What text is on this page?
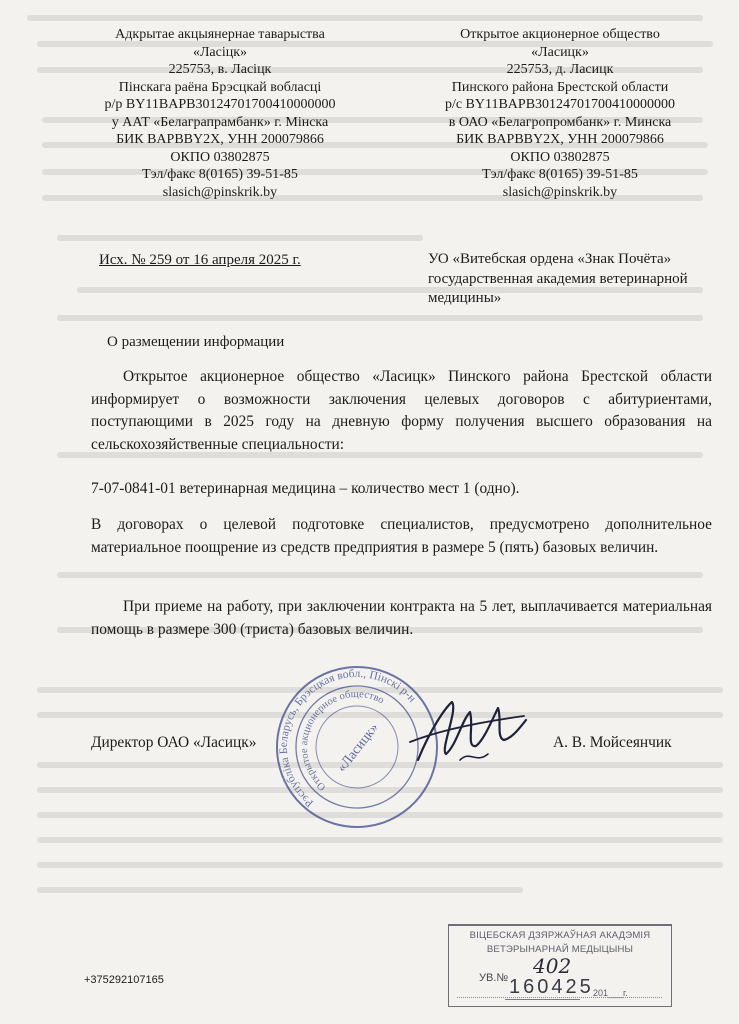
Адкрытае акцыянернае таварыства
«Ласіцк»
225753, в. Ласіцк
Пінскага раёна Брэсцкай вобласці
р/р BY11BAPB30124701700410000000
у ААТ «Белаграпрамбанк» г. Мінска
БИК BAPBBY2X, УНН 200079866
ОКПО 03802875
Тэл/факс 8(0165) 39-51-85
slasich@pinskrik.by
Открытое акционерное общество
«Ласицк»
225753, д. Ласицк
Пинского района Брестской области
р/с BY11BAPB30124701700410000000
в ОАО «Белагропромбанк» г. Минска
БИК BAPBBY2X, УНН 200079866
ОКПО 03802875
Тэл/факс 8(0165) 39-51-85
slasich@pinskrik.by
Исх. № 259 от 16 апреля 2025 г.	УО «Витебская ордена «Знак Почёта» государственная академия ветеринарной медицины»
О размещении информации
Открытое акционерное общество «Ласицк» Пинского района Брестской области информирует о возможности заключения целевых договоров с абитуриентами, поступающими в 2025 году на дневную форму получения высшего образования на сельскохозяйственные специальности:
7-07-0841-01 ветеринарная медицина – количество мест 1 (одно).
В договорах о целевой подготовке специалистов, предусмотрено дополнительное материальное поощрение из средств предприятия в размере 5 (пять) базовых величин.
При приеме на работу, при заключении контракта на 5 лет, выплачивается материальная помощь в размере 300 (триста) базовых величин.
Рэспубліка Беларусь, Брэсцкая вобл., Пінскі р-н
Открытое акционерное общество
«Ласицк»
Директор ОАО «Ласицк»	А. В. Мойсеянчик
+375292107165
ВІЦЕБСКАЯ ДЗЯРЖАЎНАЯ АКАДЭМІЯ
ВЕТЭРЫНАРНАЙ МЕДЫЦЫНЫ
402
УВ.№ 160425 201___г.
